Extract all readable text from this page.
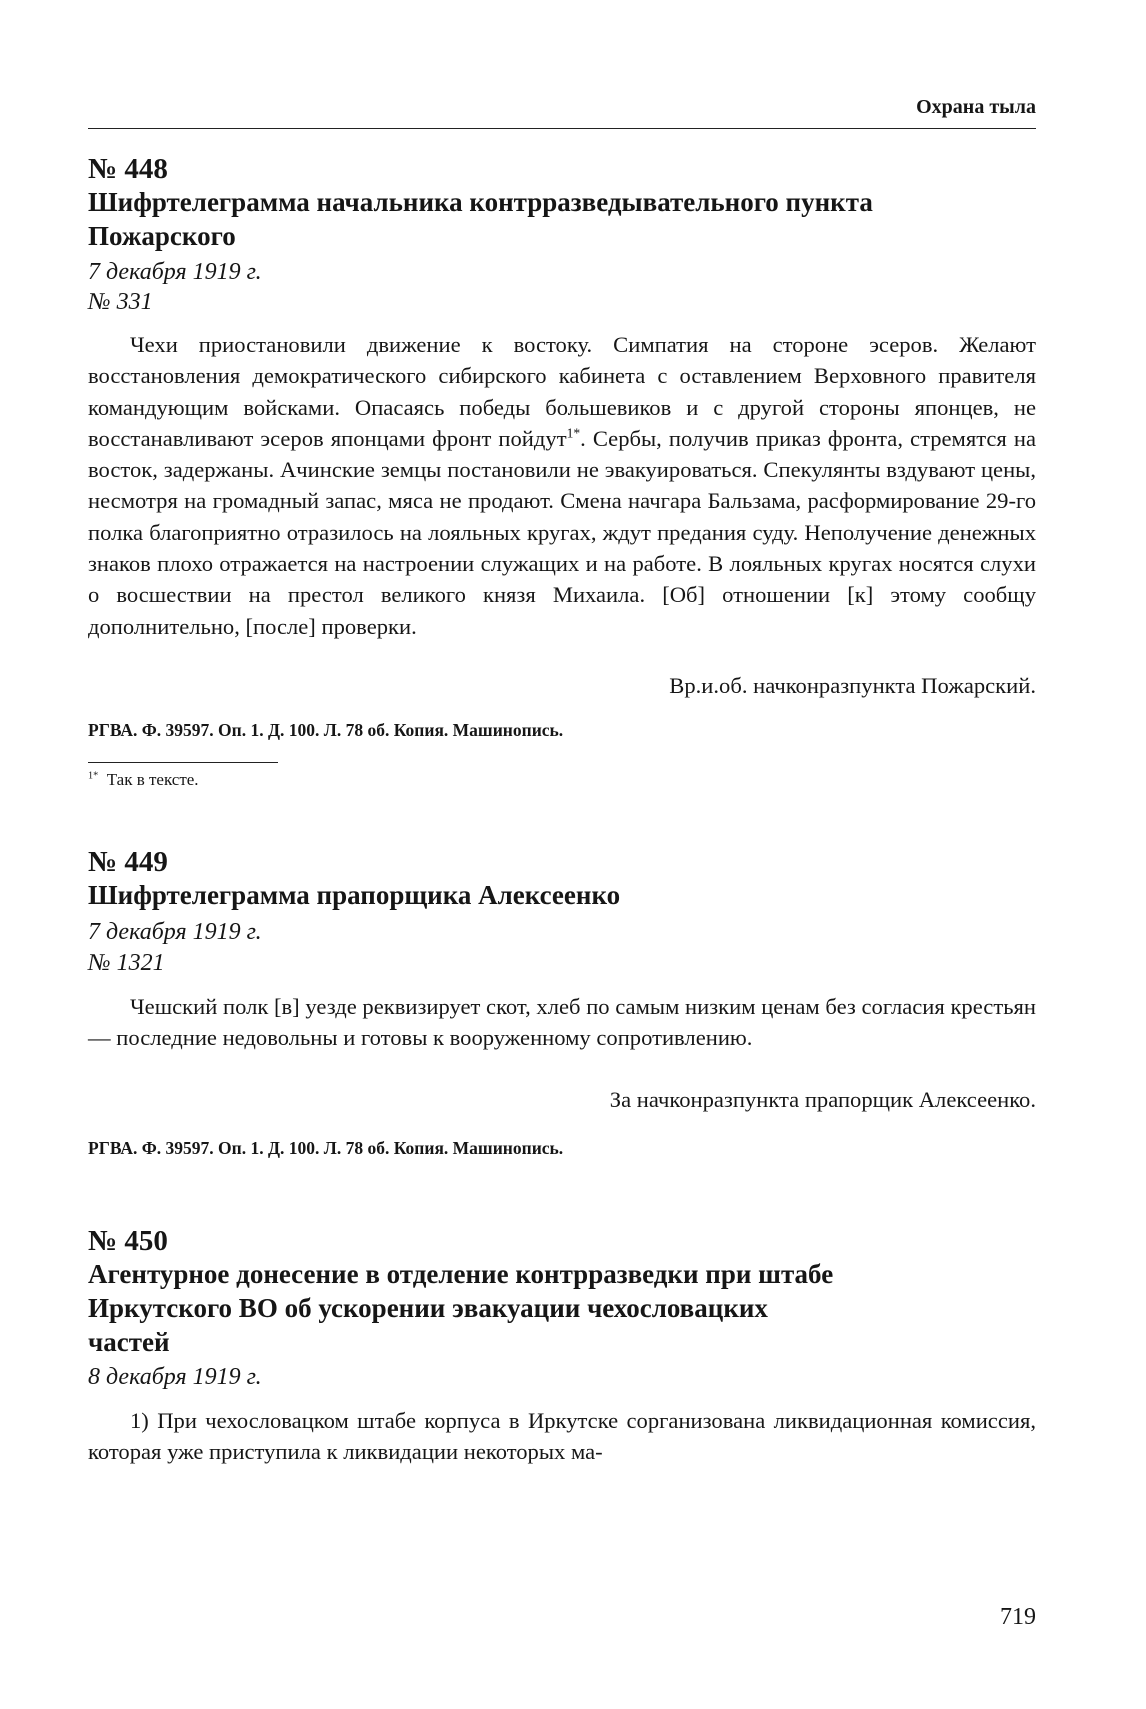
Охрана тыла
№ 448
Шифртелеграмма начальника контрразведывательного пункта Пожарского
7 декабря 1919 г.
№ 331
Чехи приостановили движение к востоку. Симпатия на стороне эсеров. Желают восстановления демократического сибирского кабинета с оставлением Верховного правителя командующим войсками. Опасаясь победы большевиков и с другой стороны японцев, не восстанавливают эсеров японцами фронт пойдут$^{1*}$. Сербы, получив приказ фронта, стремятся на восток, задержаны. Ачинские земцы постановили не эвакуироваться. Спекулянты вздувают цены, несмотря на громадный запас, мяса не продают. Смена начгара Бальзама, расформирование 29-го полка благоприятно отразилось на лояльных кругах, ждут предания суду. Неполучение денежных знаков плохо отражается на настроении служащих и на работе. В лояльных кругах носятся слухи о восшествии на престол великого князя Михаила. [Об] отношении [к] этому сообщу дополнительно, [после] проверки.
Вр.и.об. начконразпункта Пожарский.
РГВА. Ф. 39597. Оп. 1. Д. 100. Л. 78 об. Копия. Машинопись.
$^{1*}$ Так в тексте.
№ 449
Шифртелеграмма прапорщика Алексеенко
7 декабря 1919 г.
№ 1321
Чешский полк [в] уезде реквизирует скот, хлеб по самым низким ценам без согласия крестьян — последние недовольны и готовы к вооруженному сопротивлению.
За начконразпункта прапорщик Алексеенко.
РГВА. Ф. 39597. Оп. 1. Д. 100. Л. 78 об. Копия. Машинопись.
№ 450
Агентурное донесение в отделение контрразведки при штабе Иркутского ВО об ускорении эвакуации чехословацких частей
8 декабря 1919 г.
1) При чехословацком штабе корпуса в Иркутске сорганизована ликвидационная комиссия, которая уже приступила к ликвидации некоторых ма-
719
